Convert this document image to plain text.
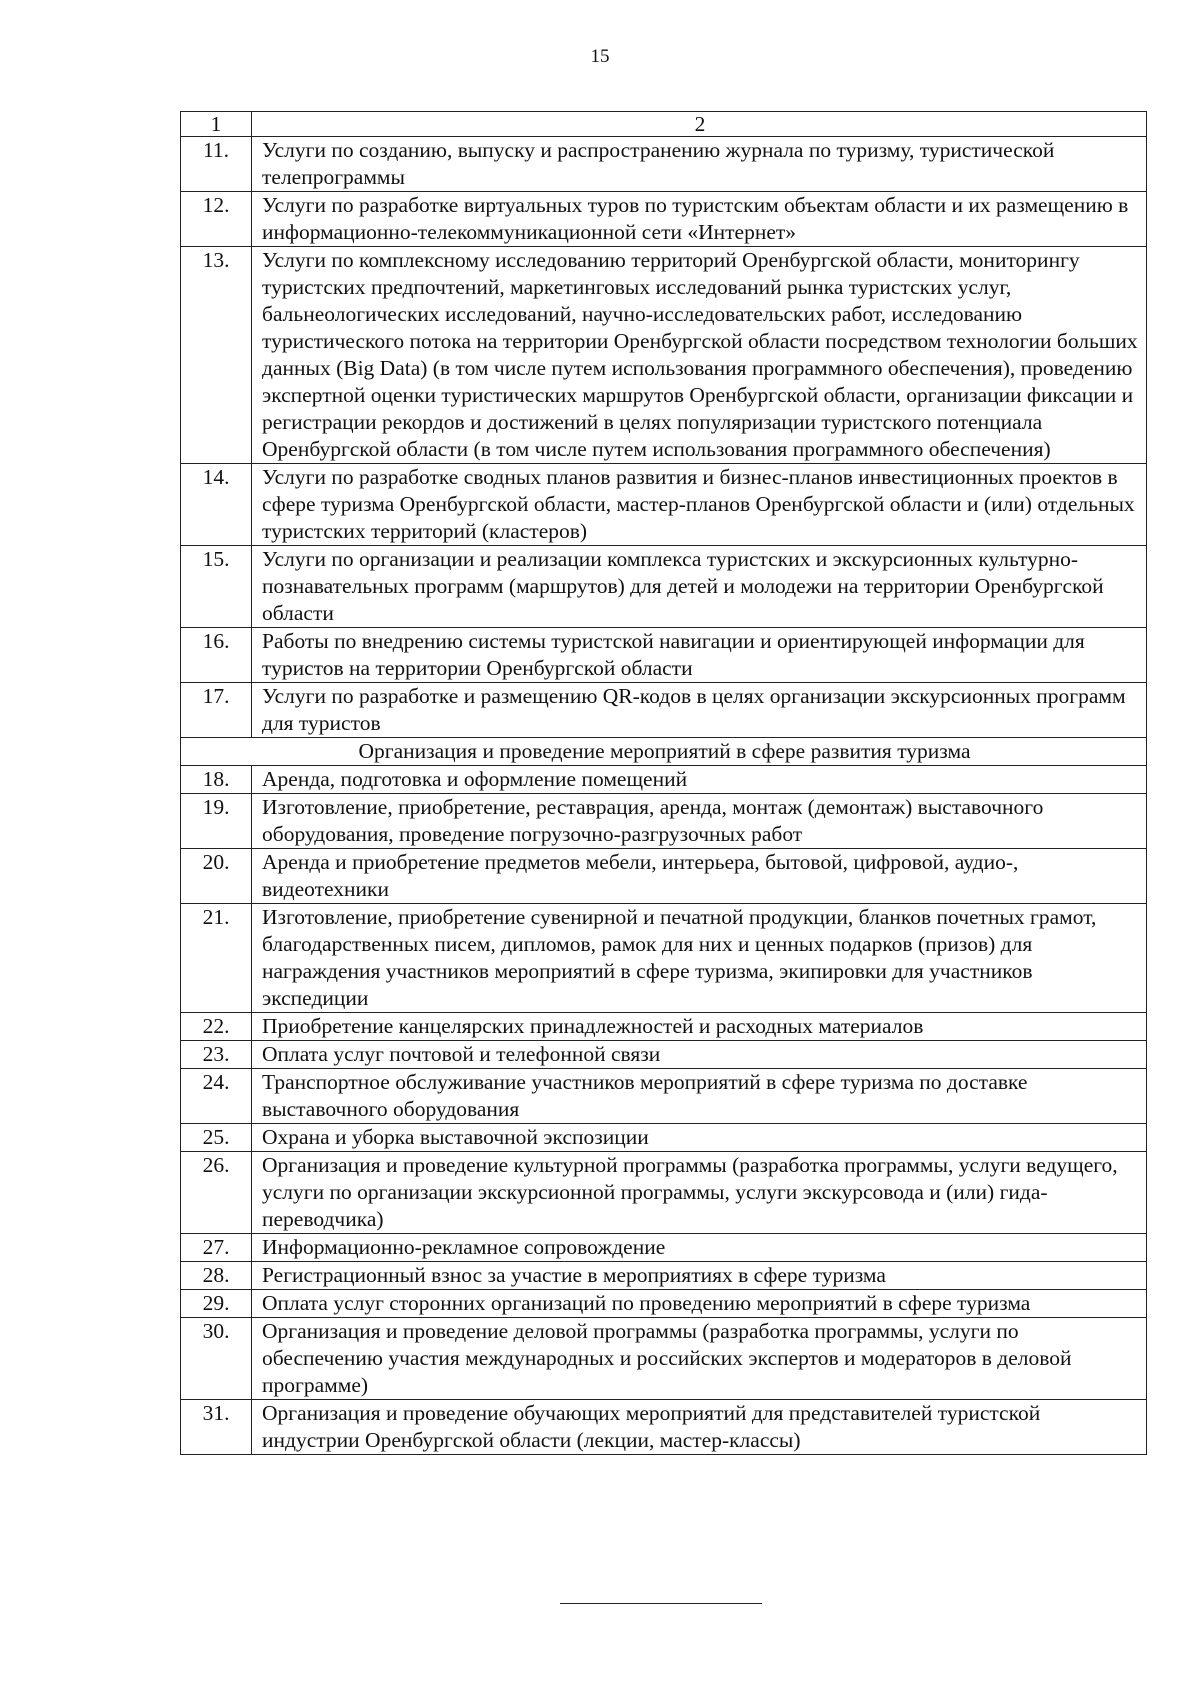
15
1	2
11.	Услуги по созданию, выпуску и распространению журнала по туризму, туристической телепрограммы
12.	Услуги по разработке виртуальных туров по туристским объектам области и их размещению в информационно-телекоммуникационной сети «Интернет»
13.	Услуги по комплексному исследованию территорий Оренбургской области, мониторингу туристских предпочтений, маркетинговых исследований рынка туристских услуг, бальнеологических исследований, научно-исследовательских работ, исследованию туристического потока на территории Оренбургской области посредством технологии больших данных (Big Data) (в том числе путем использования программного обеспечения), проведению экспертной оценки туристических маршрутов Оренбургской области, организации фиксации и регистрации рекордов и достижений в целях популяризации туристского потенциала Оренбургской области (в том числе путем использования программного обеспечения)
14.	Услуги по разработке сводных планов развития и бизнес-планов инвестиционных проектов в сфере туризма Оренбургской области, мастер-планов Оренбургской области и (или) отдельных туристских территорий (кластеров)
15.	Услуги по организации и реализации комплекса туристских и экскурсионных культурно-познавательных программ (маршрутов) для детей и молодежи на территории Оренбургской области
16.	Работы по внедрению системы туристской навигации и ориентирующей информации для туристов на территории Оренбургской области
17.	Услуги по разработке и размещению QR-кодов в целях организации экскурсионных программ для туристов
Организация и проведение мероприятий в сфере развития туризма	
18.	Аренда, подготовка и оформление помещений
19.	Изготовление, приобретение, реставрация, аренда, монтаж (демонтаж) выставочного оборудования, проведение погрузочно-разгрузочных работ
20.	Аренда и приобретение предметов мебели, интерьера, бытовой, цифровой, аудио-, видеотехники
21.	Изготовление, приобретение сувенирной и печатной продукции, бланков почетных грамот, благодарственных писем, дипломов, рамок для них и ценных подарков (призов) для награждения участников мероприятий в сфере туризма, экипировки для участников экспедиции
22.	Приобретение канцелярских принадлежностей и расходных материалов
23.	Оплата услуг почтовой и телефонной связи
24.	Транспортное обслуживание участников мероприятий в сфере туризма по доставке выставочного оборудования
25.	Охрана и уборка выставочной экспозиции
26.	Организация и проведение культурной программы (разработка программы, услуги ведущего, услуги по организации экскурсионной программы, услуги экскурсовода и (или) гида-переводчика)
27.	Информационно-рекламное сопровождение
28.	Регистрационный взнос за участие в мероприятиях в сфере туризма
29.	Оплата услуг сторонних организаций по проведению мероприятий в сфере туризма
30.	Организация и проведение деловой программы (разработка программы, услуги по обеспечению участия международных и российских экспертов и модераторов в деловой программе)
31.	Организация и проведение обучающих мероприятий для представителей туристской индустрии Оренбургской области (лекции, мастер-классы)
